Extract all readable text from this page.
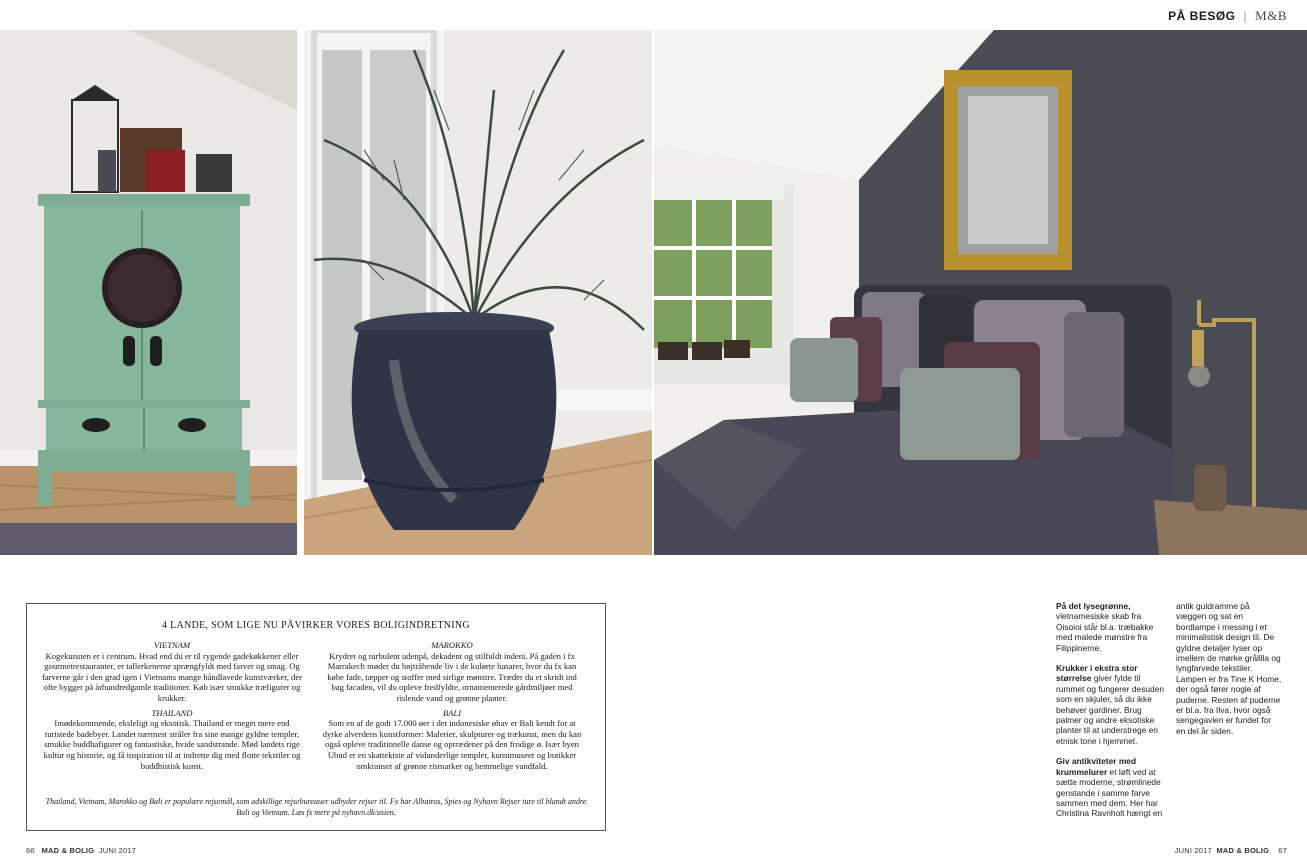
PÅ BESØG | M&B
4 LANDE, SOM LIGE NU PÅVIRKER VORES BOLIGINDRETNING
VIETNAM

Kogekunsten er i centrum. Hvad end du er til rygende gadekøkkener eller gourmetrestauranter, er tallerkenerne sprængfyldt med farver og smag. Og farverne går i den grad igen i Vietnams mange håndlavede kunstværker, der ofte bygger på århundredgamle traditioner. Køb især smukke træfigurer og krukker.

THAILAND

Imødekommende, eksleligt og eksotisk. Thailand er meget mere end turistede badebyer. Landet nærmest stråler fra sine mange gyldne templer, smukke buddhafigurer og fantastiske, hvide sandstrande. Mød landets rige kultur og historie, og få inspiration til at indrette dig med flotte tekstiler og buddhistisk kunst.

MAROKKO

Krydret og turbulent udenpå, dekadent og stilfuldt indeni. På gaden i fx Marrakech møder du højtråbende liv i de kulørte basarer, hvor du fx kan købe fade, tæpper og stoffer med sirlige mønstre. Træder du et skridt ind bag facaden, vil du opleve fredfyldte, ornamenterede gårdmiljøer med rislende vand og grønne planter.

BALI

Som en af de godt 17.000 øer i det indonesiske øhav er Bali kendt for at dyrke alverdens kunstformer: Malerier, skulpturer og trækunst, men du kan også opleve traditionelle danse og optrædener på den frodige ø. Især byen Ubud er en skattekiste af vidunderlige templer, kunstmuseer og butikker omkranset af grønne rismarker og hemmelige vandfald.

Thailand, Vietnam, Marokko og Bali er populære rejsemål, som adskillige rejsebureauer udbyder rejser til. Fx har Albatros, Spies og Nyhavn Rejser ture til blandt andre Bali og Vietnam. Læs fx mere på nyhavn.dk/asien.

På det lysegrønne, vietnamesiske skab fra Oisoioi står bl.a. træbakke med malede mønstre fra Filippinerne.

Krukker i ekstra stor størrelse giver fylde til rummet og fungerer desuden som en skjuler, så du ikke behøver gardiner. Brug palmer og andre eksotiske planter til at understrege en etnisk tone i hjemmet.

Giv antikviteter med krummelurer et løft ved at sætte moderne, strømlinede genstande i samme farve sammen med dem. Her har Christina Ravnholt hængt en

antik guldramme på væggen og sat en bordlampe i messing i et minimalistisk design til. De gyldne detaljer lyser op imellem de mørke grålilla og lyngfarvede tekstiler. Lampen er fra Tine K Home, der også fører nogle af puderne. Resten af puderne er bl.a. fra Ilva, hvor også sengegavlen er fundet for en del år siden.

66 MAD & BOLIG JUNI 2017	JUNI 2017 MAD & BOLIG 67
